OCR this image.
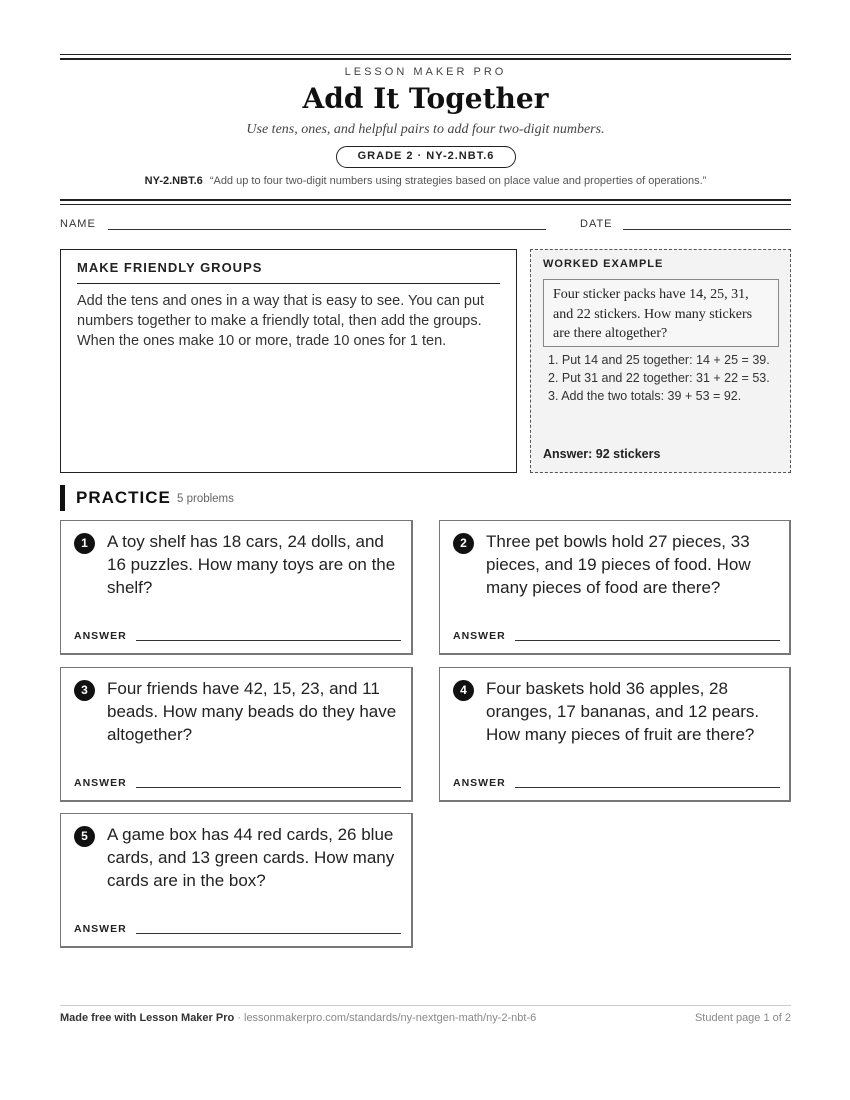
LESSON MAKER PRO
Add It Together
Use tens, ones, and helpful pairs to add four two-digit numbers.
GRADE 2 · NY-2.NBT.6
NY-2.NBT.6 “Add up to four two-digit numbers using strategies based on place value and properties of operations.”
NAME	DATE
MAKE FRIENDLY GROUPS
Add the tens and ones in a way that is easy to see. You can put numbers together to make a friendly total, then add the groups. When the ones make 10 or more, trade 10 ones for 1 ten.
WORKED EXAMPLE
Four sticker packs have 14, 25, 31, and 22 stickers. How many stickers are there altogether?
1. Put 14 and 25 together: 14 + 25 = 39.
2. Put 31 and 22 together: 31 + 22 = 53.
3. Add the two totals: 39 + 53 = 92.
Answer: 92 stickers
PRACTICE 5 problems
1	A toy shelf has 18 cars, 24 dolls, and 16 puzzles. How many toys are on the shelf?
ANSWER
2	Three pet bowls hold 27 pieces, 33 pieces, and 19 pieces of food. How many pieces of food are there?
ANSWER
3	Four friends have 42, 15, 23, and 11 beads. How many beads do they have altogether?
ANSWER
4	Four baskets hold 36 apples, 28 oranges, 17 bananas, and 12 pears. How many pieces of fruit are there?
ANSWER
5	A game box has 44 red cards, 26 blue cards, and 13 green cards. How many cards are in the box?
ANSWER
Made free with Lesson Maker Pro · lessonmakerpro.com/standards/ny-nextgen-math/ny-2-nbt-6	Student page 1 of 2
